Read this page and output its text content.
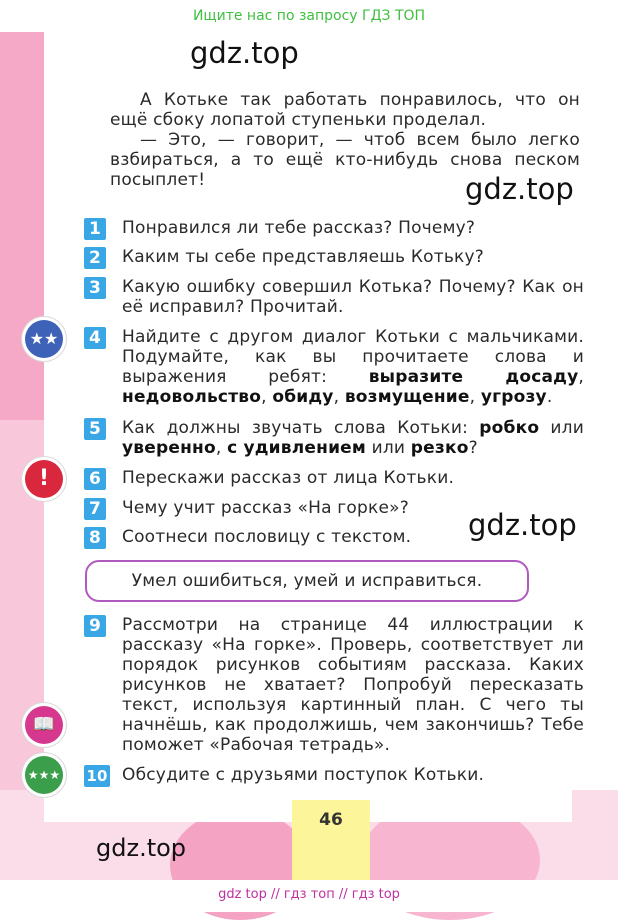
Ищите нас по запросу ГДЗ ТОП
46
gdz top // гдз топ // гдз top
gdz.top
gdz.top
gdz.top
gdz.top

А Котьке так работать понравилось, что он ещё сбоку лопатой ступеньки проделал.

— Это, — говорит, — чтоб всем было легко взбираться, а то ещё кто-нибудь снова песком посыплет!

★★
!
📖
★★★
1 Понравился ли тебе рассказ? Почему?
2 Каким ты себе представляешь Котьку?
3 Какую ошибку совершил Котька? Почему? Как он её исправил? Прочитай.
4 Найдите с другом диалог Котьки с мальчиками. Подумайте, как вы прочитаете слова и выражения ребят: выразите досаду, недовольство, обиду, возмущение, угрозу.
5 Как должны звучать слова Котьки: робко или уверенно, с удивлением или резко?
6 Перескажи рассказ от лица Котьки.
7 Чему учит рассказ «На горке»?
8 Соотнеси пословицу с текстом.
Умел ошибиться, умей и исправиться.
9 Рассмотри на странице 44 иллюстрации к рассказу «На горке». Проверь, соответствует ли порядок рисунков событиям рассказа. Каких рисунков не хватает? Попробуй пересказать текст, используя картинный план. С чего ты начнёшь, как продолжишь, чем закончишь? Тебе поможет «Рабочая тетрадь».
10 Обсудите с друзьями поступок Котьки.
